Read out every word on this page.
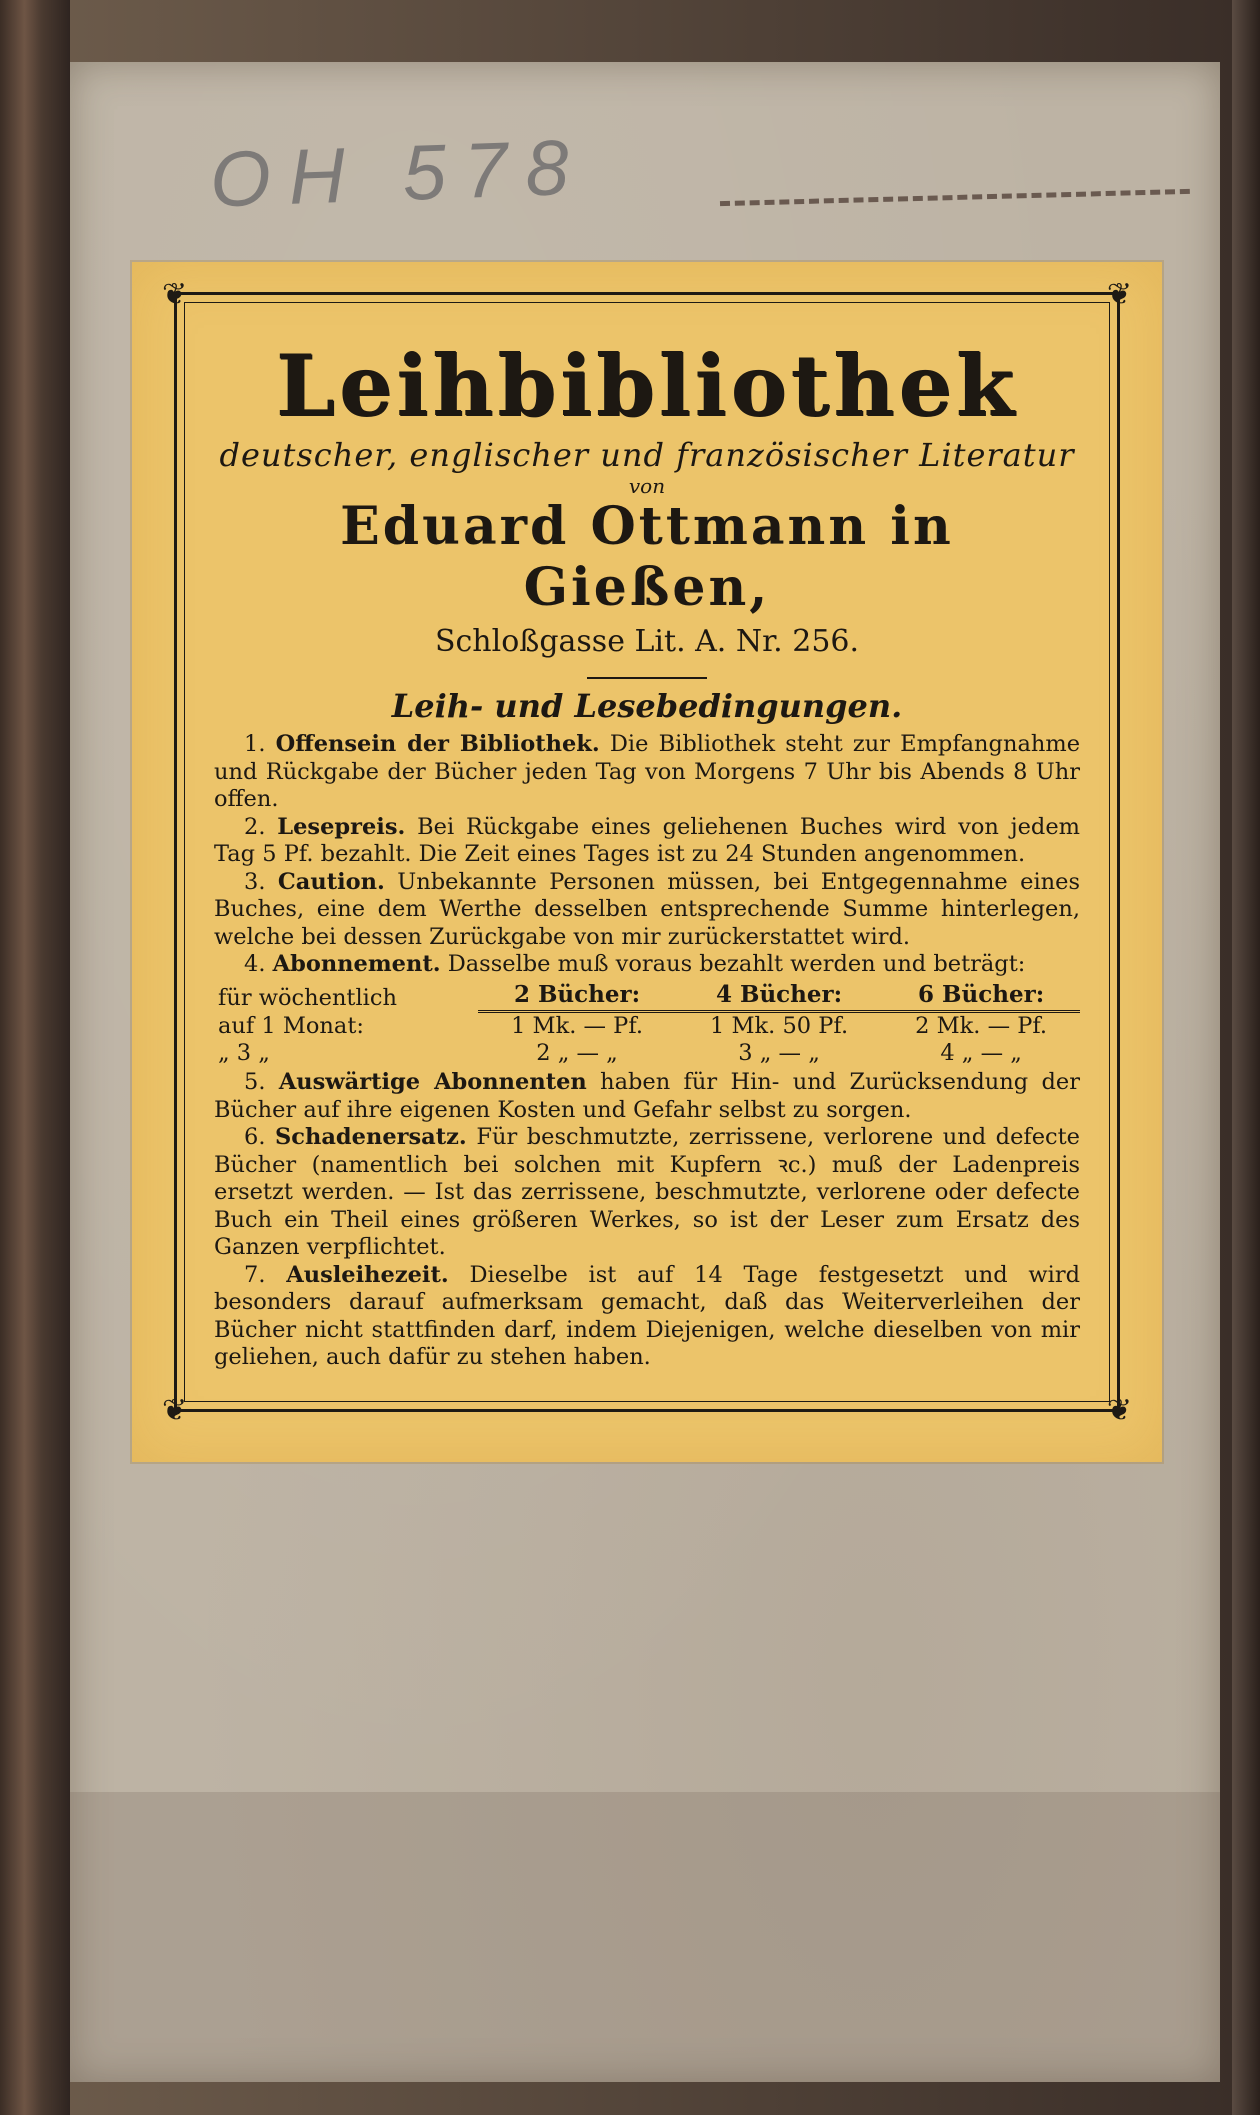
OH 578
❦	❦
❦	❦
Leihbibliothek
deutscher, englischer und französischer Literatur
von
Eduard Ottmann in Gießen,
Schloßgasse Lit. A. Nr. 256.
Leih- und Lesebedingungen.

1. Offensein der Bibliothek. Die Bibliothek steht zur Empfangnahme und Rückgabe der Bücher jeden Tag von Morgens 7 Uhr bis Abends 8 Uhr offen.

2. Lesepreis. Bei Rückgabe eines geliehenen Buches wird von jedem Tag 5 Pf. bezahlt. Die Zeit eines Tages ist zu 24 Stunden angenommen.

3. Caution. Unbekannte Personen müssen, bei Entgegennahme eines Buches, eine dem Werthe desselben entsprechende Summe hinterlegen, welche bei dessen Zurückgabe von mir zurückerstattet wird.

4. Abonnement. Dasselbe muß voraus bezahlt werden und beträgt:

für wöchentlich	2 Bücher:	4 Bücher:	6 Bücher:
auf 1 Monat:	1 Mk. — Pf.	1 Mk. 50 Pf.	2 Mk. — Pf.
„ 3 „	2 „ — „	3 „ — „	4 „ — „

5. Auswärtige Abonnenten haben für Hin- und Zurücksendung der Bücher auf ihre eigenen Kosten und Gefahr selbst zu sorgen.

6. Schadenersatz. Für beschmutzte, zerrissene, verlorene und defecte Bücher (namentlich bei solchen mit Kupfern ꝛc.) muß der Ladenpreis ersetzt werden. — Ist das zerrissene, beschmutzte, verlorene oder defecte Buch ein Theil eines größeren Werkes, so ist der Leser zum Ersatz des Ganzen verpflichtet.

7. Ausleihezeit. Dieselbe ist auf 14 Tage festgesetzt und wird besonders darauf aufmerksam gemacht, daß das Weiterverleihen der Bücher nicht stattfinden darf, indem Diejenigen, welche dieselben von mir geliehen, auch dafür zu stehen haben.
